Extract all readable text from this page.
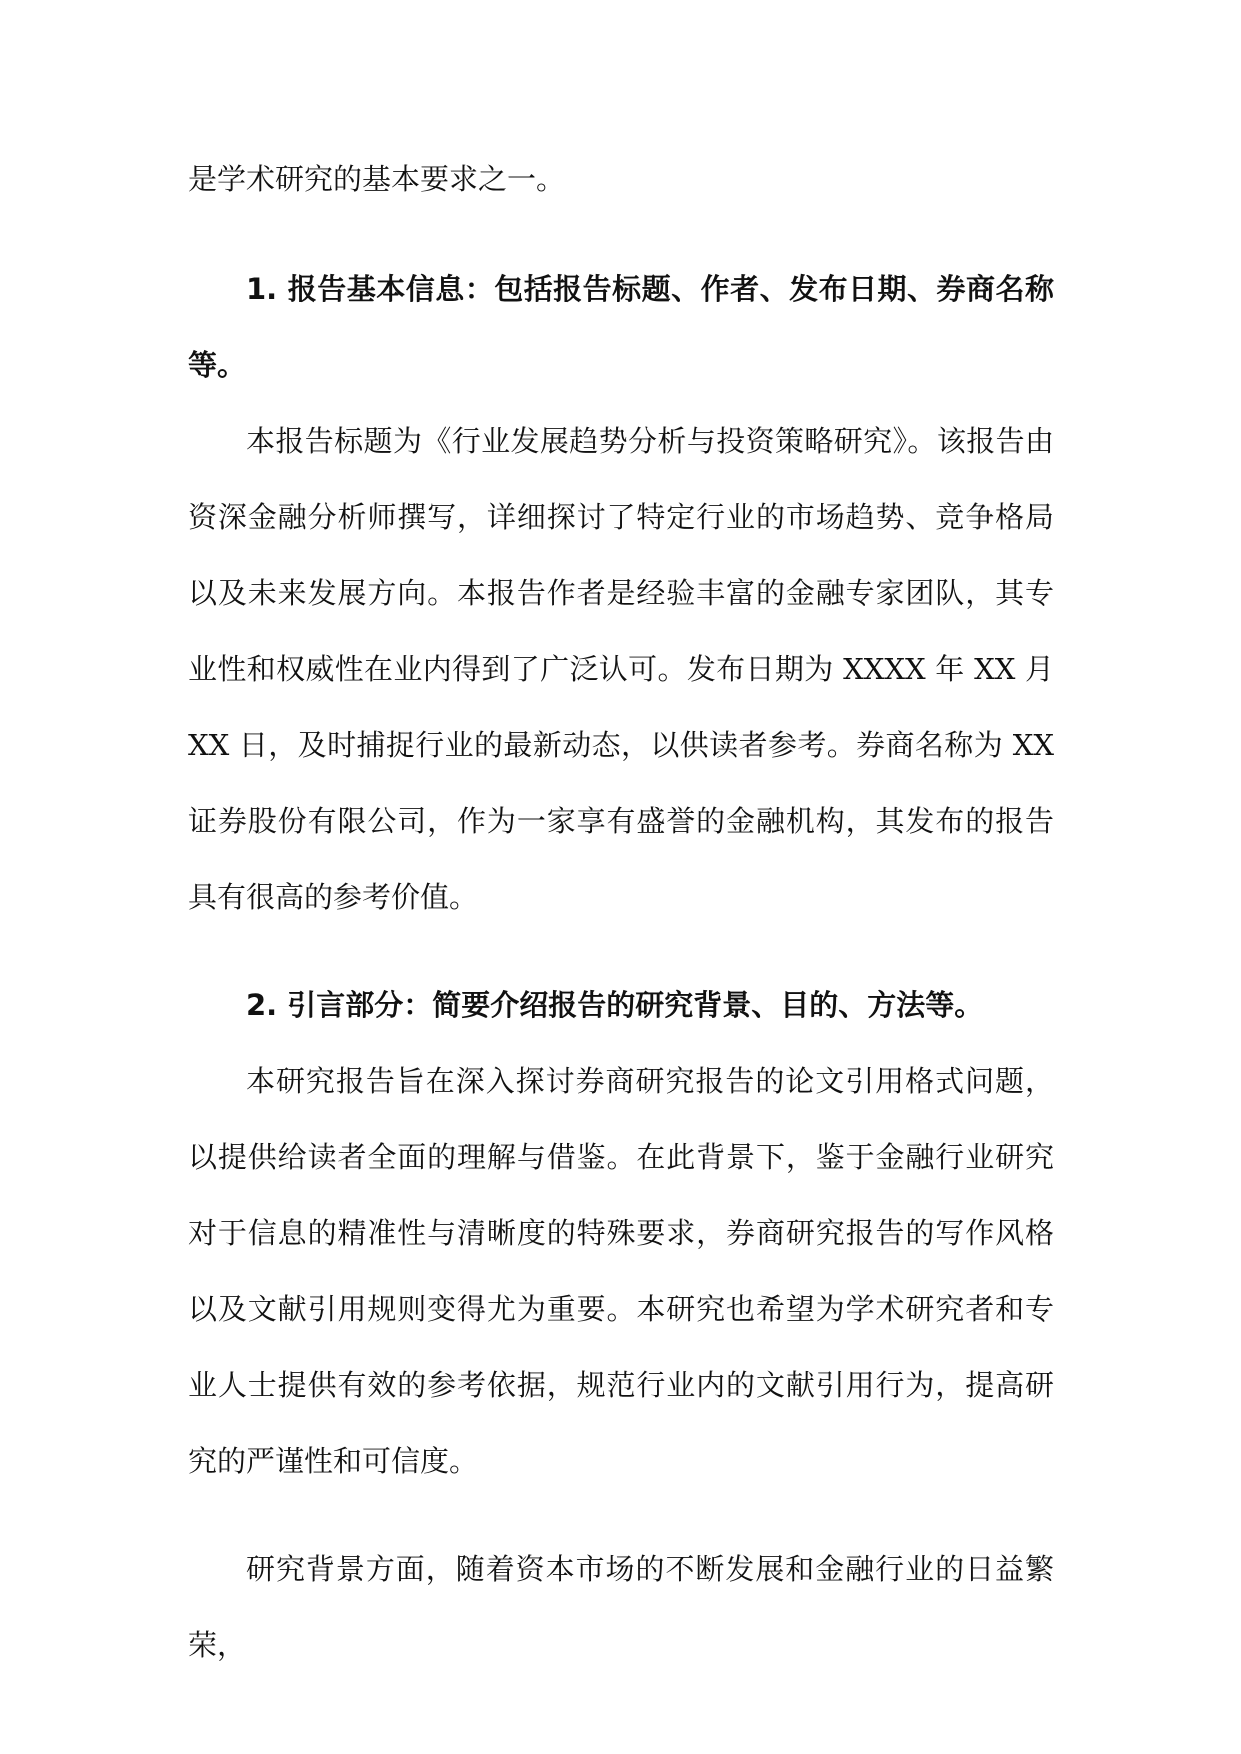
是学术研究的基本要求之一。

1. 报告基本信息：包括报告标题、作者、发布日期、券商名称等。

本报告标题为《行业发展趋势分析与投资策略研究》。该报告由资深金融分析师撰写，详细探讨了特定行业的市场趋势、竞争格局以及未来发展方向。本报告作者是经验丰富的金融专家团队，其专业性和权威性在业内得到了广泛认可。发布日期为 XXXX 年 XX 月 XX 日，及时捕捉行业的最新动态，以供读者参考。券商名称为 XX 证券股份有限公司，作为一家享有盛誉的金融机构，其发布的报告具有很高的参考价值。

2. 引言部分：简要介绍报告的研究背景、目的、方法等。

本研究报告旨在深入探讨券商研究报告的论文引用格式问题，以提供给读者全面的理解与借鉴。在此背景下，鉴于金融行业研究对于信息的精准性与清晰度的特殊要求，券商研究报告的写作风格以及文献引用规则变得尤为重要。本研究也希望为学术研究者和专业人士提供有效的参考依据，规范行业内的文献引用行为，提高研究的严谨性和可信度。

研究背景方面，随着资本市场的不断发展和金融行业的日益繁荣，
